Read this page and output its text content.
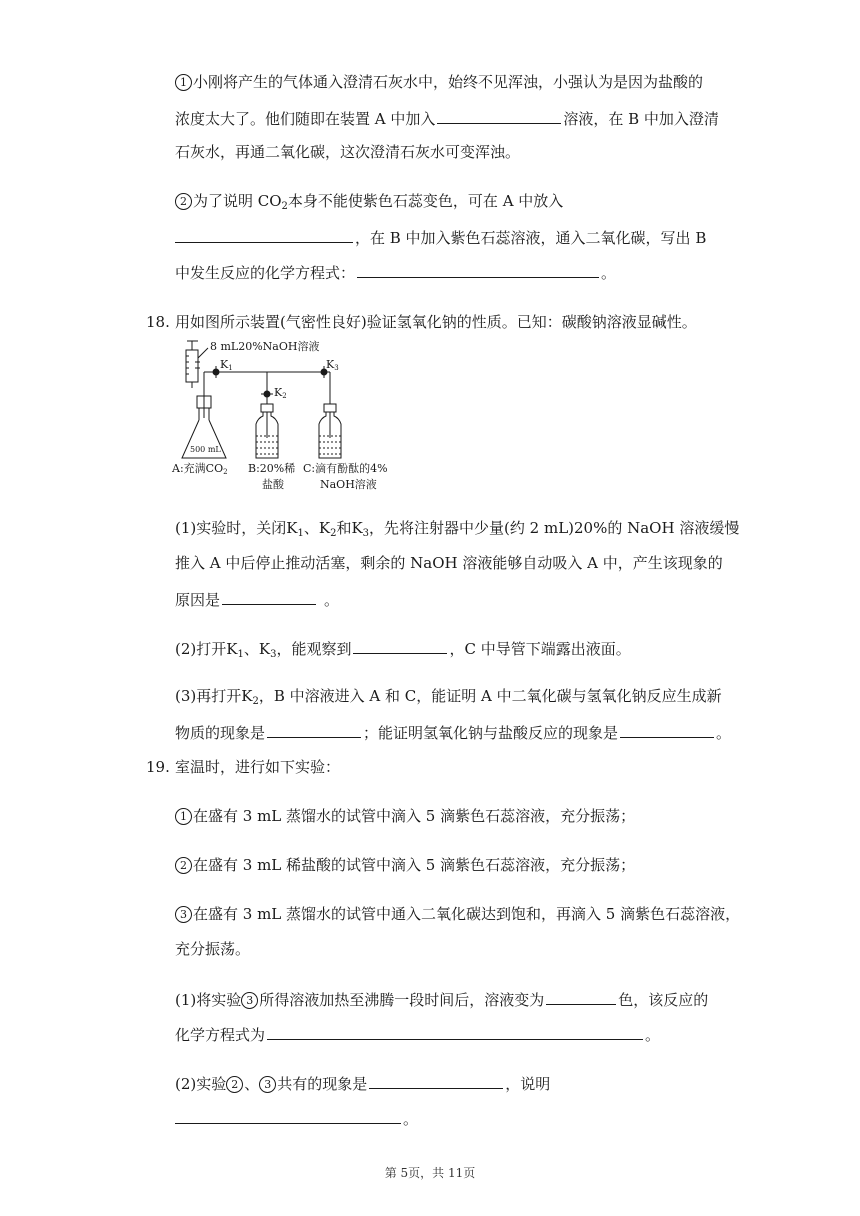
1 小刚将产生的气体通入澄清石灰水中，始终不见浑浊，小强认为是因为盐酸的
浓度太大了。他们随即在装置 A 中加入	溶液，在 B 中加入澄清
石灰水，再通二氧化碳，这次澄清石灰水可变浑浊。
2 为了说明 $CO_2$本身不能使紫色石蕊变色，可在 A 中放入
，在 B 中加入紫色石蕊溶液，通入二氧化碳，写出 B
中发生反应的化学方程式：	。
18. 用如图所示装置(气密性良好)验证氢氧化钠的性质。已知：碳酸钠溶液显碱性。
8 mL20%NaOH溶液
500 mL
K1
K2
K3
A:充满CO2 B:20%稀
盐酸
C:滴有酚酞的4%
NaOH溶液
(1)实验时，关闭$K_1$、$K_2$和$K_3$，先将注射器中少量(约 2 mL)20%的 NaOH 溶液缓慢
推入 A 中后停止推动活塞，剩余的 NaOH 溶液能够自动吸入 A 中，产生该现象的
原因是	。
(2)打开$K_1$、$K_3$，能观察到	，C 中导管下端露出液面。
(3)再打开$K_2$，B 中溶液进入 A 和 C，能证明 A 中二氧化碳与氢氧化钠反应生成新
物质的现象是	；能证明氢氧化钠与盐酸反应的现象是	。
19. 室温时，进行如下实验：
1 在盛有 3 mL 蒸馏水的试管中滴入 5 滴紫色石蕊溶液，充分振荡；
2 在盛有 3 mL 稀盐酸的试管中滴入 5 滴紫色石蕊溶液，充分振荡；
3 在盛有 3 mL 蒸馏水的试管中通入二氧化碳达到饱和，再滴入 5 滴紫色石蕊溶液，
充分振荡。
(1)将实验 3 所得溶液加热至沸腾一段时间后，溶液变为	色，该反应的
化学方程式为	。
(2)实验 2 、 3 共有的现象是	，说明
。
第 5页，共 11页
